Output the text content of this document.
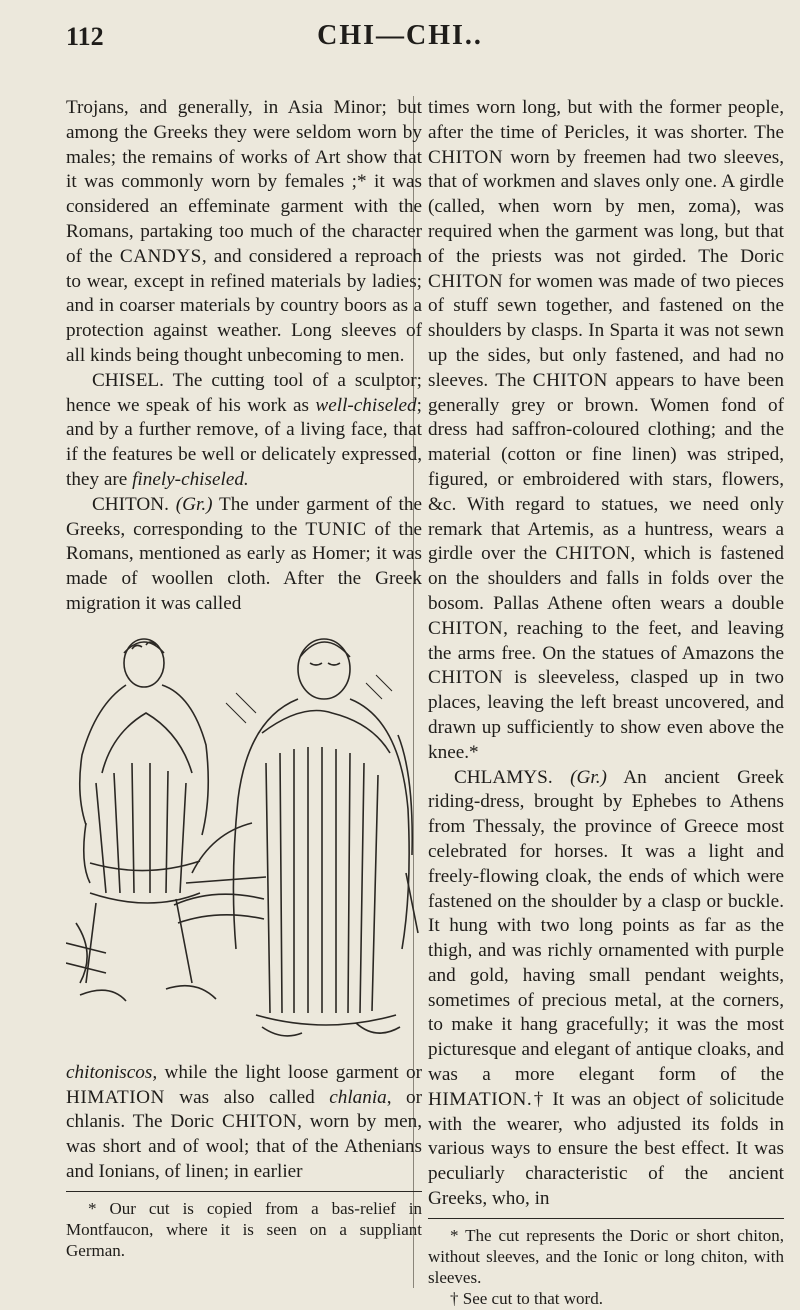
112	CHI—CHI..

Trojans, and generally, in Asia Minor; but among the Greeks they were seldom worn by males; the remains of works of Art show that it was commonly worn by females ;* it was considered an effeminate garment with the Romans, partaking too much of the character of the CANDYS, and considered a reproach to wear, except in refined materials by ladies; and in coarser materials by country boors as a protection against weather. Long sleeves of all kinds being thought unbecoming to men.

CHISEL. The cutting tool of a sculptor; hence we speak of his work as well-chiseled; and by a further remove, of a living face, that if the features be well or delicately expressed, they are finely-chiseled.

CHITON. (Gr.) The under garment of the Greeks, corresponding to the TUNIC of the Romans, mentioned as early as Homer; it was made of woollen cloth. After the Greek migration it was called

chitoniscos, while the light loose garment or HIMATION was also called chlania, or chlanis. The Doric CHITON, worn by men, was short and of wool; that of the Athenians and Ionians, of linen; in earlier

* Our cut is copied from a bas-relief in Montfaucon, where it is seen on a suppliant German.

times worn long, but with the former people, after the time of Pericles, it was shorter. The CHITON worn by freemen had two sleeves, that of workmen and slaves only one. A girdle (called, when worn by men, zoma), was required when the garment was long, but that of the priests was not girded. The Doric CHITON for women was made of two pieces of stuff sewn together, and fastened on the shoulders by clasps. In Sparta it was not sewn up the sides, but only fastened, and had no sleeves. The CHITON appears to have been generally grey or brown. Women fond of dress had saffron-coloured clothing; and the material (cotton or fine linen) was striped, figured, or embroidered with stars, flowers, &c. With regard to statues, we need only remark that Artemis, as a huntress, wears a girdle over the CHITON, which is fastened on the shoulders and falls in folds over the bosom. Pallas Athene often wears a double CHITON, reaching to the feet, and leaving the arms free. On the statues of Amazons the CHITON is sleeveless, clasped up in two places, leaving the left breast uncovered, and drawn up sufficiently to show even above the knee.*

CHLAMYS. (Gr.) An ancient Greek riding-dress, brought by Ephebes to Athens from Thessaly, the province of Greece most celebrated for horses. It was a light and freely-flowing cloak, the ends of which were fastened on the shoulder by a clasp or buckle. It hung with two long points as far as the thigh, and was richly ornamented with purple and gold, having small pendant weights, sometimes of precious metal, at the corners, to make it hang gracefully; it was the most picturesque and elegant of antique cloaks, and was a more elegant form of the HIMATION.† It was an object of solicitude with the wearer, who adjusted its folds in various ways to ensure the best effect. It was peculiarly characteristic of the ancient Greeks, who, in

* The cut represents the Doric or short chiton, without sleeves, and the Ionic or long chiton, with sleeves.

† See cut to that word.
